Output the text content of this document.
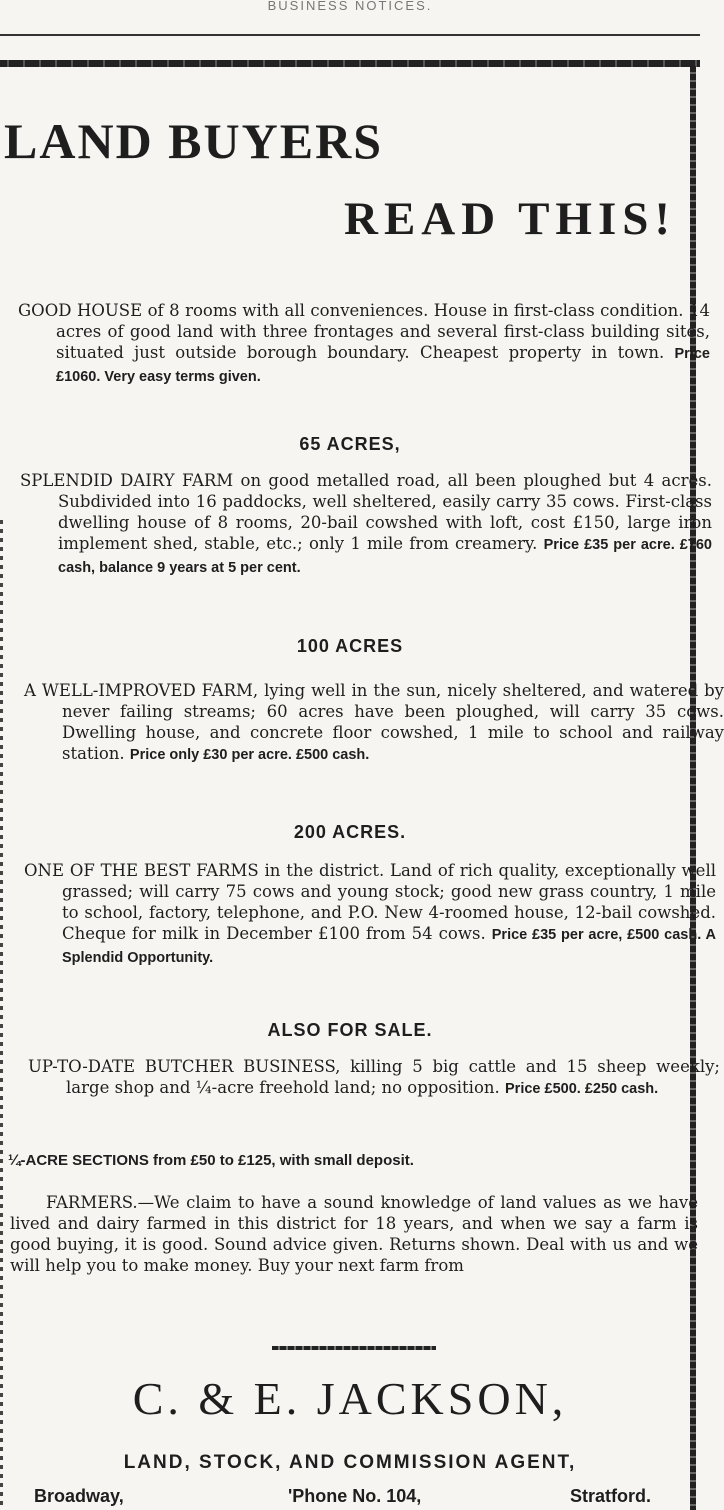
BUSINESS NOTICES.
LAND BUYERS
READ THIS!
GOOD HOUSE of 8 rooms with all conveniences. House in first-class condition. 14 acres of good land with three frontages and several first-class building sites, situated just outside borough boundary. Cheapest property in town. Price £1060. Very easy terms given.
65 ACRES,
SPLENDID DAIRY FARM on good metalled road, all been ploughed but 4 acres. Subdivided into 16 paddocks, well sheltered, easily carry 35 cows. First-class dwelling house of 8 rooms, 20-bail cowshed with loft, cost £150, large iron implement shed, stable, etc.; only 1 mile from creamery. Price £35 per acre. £760 cash, balance 9 years at 5 per cent.
100 ACRES
A WELL-IMPROVED FARM, lying well in the sun, nicely sheltered, and watered by never failing streams; 60 acres have been ploughed, will carry 35 cows. Dwelling house, and concrete floor cowshed, 1 mile to school and railway station. Price only £30 per acre. £500 cash.
200 ACRES.
ONE OF THE BEST FARMS in the district. Land of rich quality, exceptionally well grassed; will carry 75 cows and young stock; good new grass country, 1 mile to school, factory, telephone, and P.O. New 4-roomed house, 12-bail cowshed. Cheque for milk in December £100 from 54 cows. Price £35 per acre, £500 cash. A Splendid Opportunity.
ALSO FOR SALE.
UP-TO-DATE BUTCHER BUSINESS, killing 5 big cattle and 15 sheep weekly; large shop and ¼-acre freehold land; no opposition. Price £500. £250 cash.
¼-ACRE SECTIONS from £50 to £125, with small deposit.
FARMERS.—We claim to have a sound knowledge of land values as we have lived and dairy farmed in this district for 18 years, and when we say a farm is good buying, it is good. Sound advice given. Returns shown. Deal with us and we will help you to make money. Buy your next farm from
C. & E. JACKSON,
LAND, STOCK, AND COMMISSION AGENT,
Broadway,	'Phone No. 104,	Stratford.
